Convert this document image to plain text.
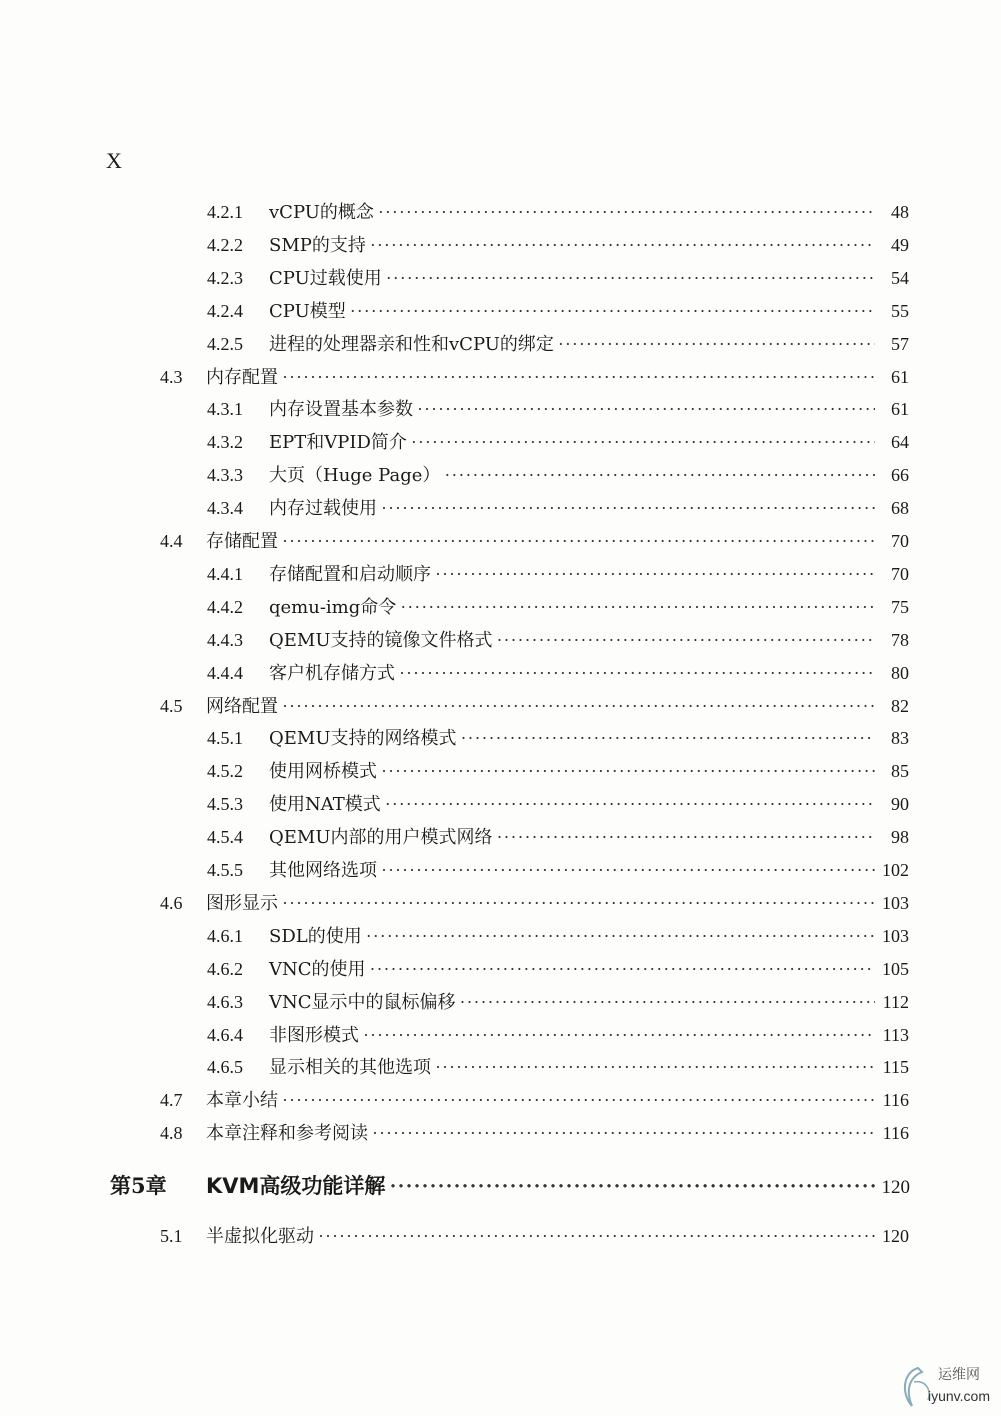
X
4.2.1	vCPU的概念 ·····	48
4.2.2	SMP的支持 ·····	49
4.2.3	CPU过载使用 ·····	54
4.2.4	CPU模型 ·····	55
4.2.5	进程的处理器亲和性和vCPU的绑定 ·····	57
4.3	内存配置 ·····	61
4.3.1	内存设置基本参数 ·····	61
4.3.2	EPT和VPID简介 ·····	64
4.3.3	大页（Huge Page） ·····	66
4.3.4	内存过载使用 ·····	68
4.4	存储配置 ·····	70
4.4.1	存储配置和启动顺序 ·····	70
4.4.2	qemu-img命令 ·····	75
4.4.3	QEMU支持的镜像文件格式 ·····	78
4.4.4	客户机存储方式 ·····	80
4.5	网络配置 ·····	82
4.5.1	QEMU支持的网络模式 ·····	83
4.5.2	使用网桥模式 ·····	85
4.5.3	使用NAT模式 ·····	90
4.5.4	QEMU内部的用户模式网络 ·····	98
4.5.5	其他网络选项 ·····	102
4.6	图形显示 ·····	103
4.6.1	SDL的使用 ·····	103
4.6.2	VNC的使用 ·····	105
4.6.3	VNC显示中的鼠标偏移 ·····	112
4.6.4	非图形模式 ·····	113
4.6.5	显示相关的其他选项 ·····	115
4.7	本章小结 ·····	116
4.8	本章注释和参考阅读 ·····	116
第5章	KVM高级功能详解 ·····	120
5.1	半虚拟化驱动 ·····	120
运维网
iyunv.com
